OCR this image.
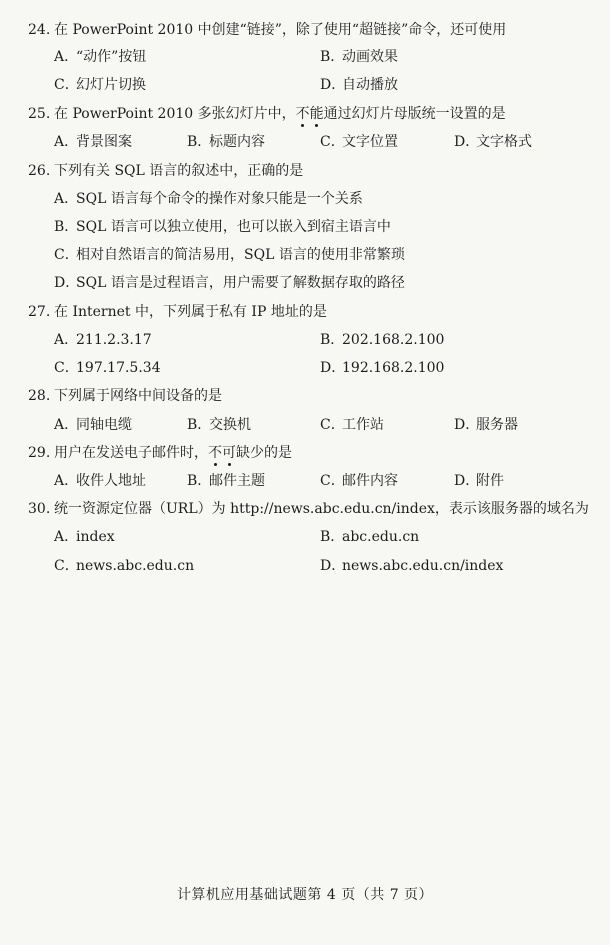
24. 在 PowerPoint 2010 中创建“链接”，除了使用“超链接”命令，还可使用
A．“动作”按钮	B．动画效果
C．幻灯片切换	D．自动播放
25. 在 PowerPoint 2010 多张幻灯片中，不能通过幻灯片母版统一设置的是
A．背景图案	B．标题内容	C．文字位置	D．文字格式
26. 下列有关 SQL 语言的叙述中，正确的是
A．SQL 语言每个命令的操作对象只能是一个关系
B．SQL 语言可以独立使用，也可以嵌入到宿主语言中
C．相对自然语言的简洁易用，SQL 语言的使用非常繁琐
D．SQL 语言是过程语言，用户需要了解数据存取的路径
27. 在 Internet 中，下列属于私有 IP 地址的是
A．211.2.3.17	B．202.168.2.100
C．197.17.5.34	D．192.168.2.100
28. 下列属于网络中间设备的是
A．同轴电缆	B．交换机	C．工作站	D．服务器
29. 用户在发送电子邮件时，不可缺少的是
A．收件人地址	B．邮件主题	C．邮件内容	D．附件
30. 统一资源定位器（URL）为 http://news.abc.edu.cn/index，表示该服务器的域名为
A．index	B．abc.edu.cn
C．news.abc.edu.cn	D．news.abc.edu.cn/index
计算机应用基础试题第 4 页（共 7 页）
